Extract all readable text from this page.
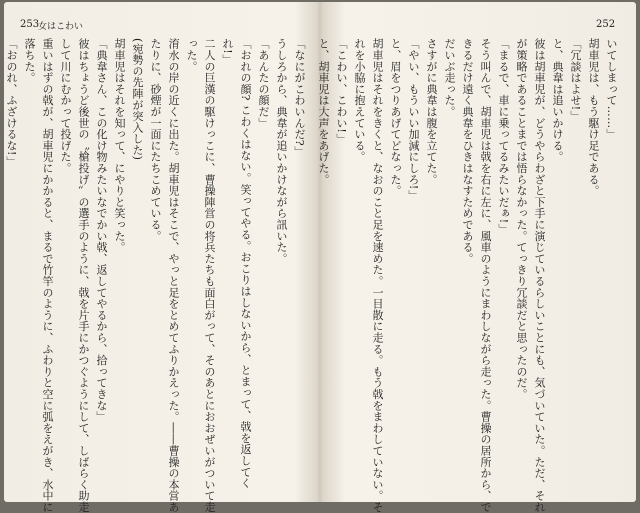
253
女はこわい
「なにがこわいんだ?」
うしろから、典韋が追いかけながら訊いた。
「あんたの顔だ」
「おれの顔? こわくはない。笑ってやる。おこりはしないから、とまって、戟を返してく
れ!」
二人の巨漢の駆けっこに、曹操陣営の将兵たちも面白がって、そのあとにおおぜいがついて走
った。
淯水の岸の近くに出た。胡車児はそこで、やっと足をとめてふりかえった。――曹操の本営あ
たりに、砂煙が一面にたちこめている。
(宛勢の先陣が突入した)
胡車児はそれを知って、にやりと笑った。
「典韋さん、この化け物みたいなでかい戟、返してやるから、拾ってきな」
彼はちょうど後世の〝槍投げ〟の選手のように、戟を片手にかつぐようにして、しばらく助走
して川にむかって投げた。
重いはずの戟が、胡車児にかかると、まるで竹竿のように、ふわりと空に弧をえがき、水中に
落ちた。
「おのれ、ふざけるな!」
252
いてしまって……」
胡車児は、もう駆け足である。
「冗談はよせ!」
と、典韋は追いかける。
彼は胡車児が、どうやらわざと下手に演じているらしいことにも、気づいていた。ただ、それ
が策略であることまでは悟らなかった。てっきり冗談だと思ったのだ。
「まるで、車に乗ってるみたいだぁ!」
そう叫んで、胡車児は戟を右に左に、風車のようにまわしながら走った。曹操の居所から、で
きるだけ遠く典韋をひきはなすためである。
だいぶ走った。
さすがに典韋は腹を立てた。
「やい、もういい加減にしろ!」
と、眉をつりあげてどなった。
胡車児はそれをきくと、なおのこと足を速めた。一目散に走る。もう戟をまわしていない。そ
れを小脇に抱えている。
「こわい、こわい!」
と、胡車児は大声をあげた。
